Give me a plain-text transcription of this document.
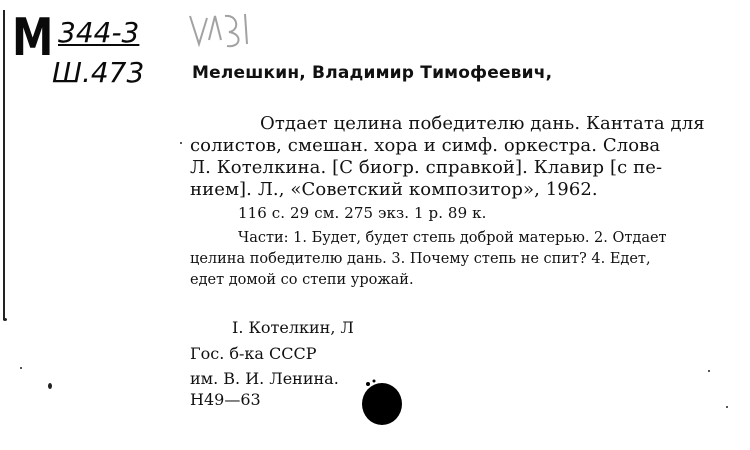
М 344-3
Ш.473	Мелешкин, Владимир Тимофеевич,
Отдает целина победителю дань. Кантата для
солистов, смешан. хора и симф. оркестра. Слова
Л. Котелкина. [С биогр. справкой]. Клавир [с пе-
нием]. Л., «Советский композитор», 1962.
116 с. 29 см. 275 экз. 1 р. 89 к.
Части: 1. Будет, будет степь доброй матерью. 2. Отдает
целина победителю дань. 3. Почему степь не спит? 4. Едет,
едет домой со степи урожай.
I. Котелкин, Л
Гос. б-ка СССР
им. В. И. Ленина.
Н49—63
